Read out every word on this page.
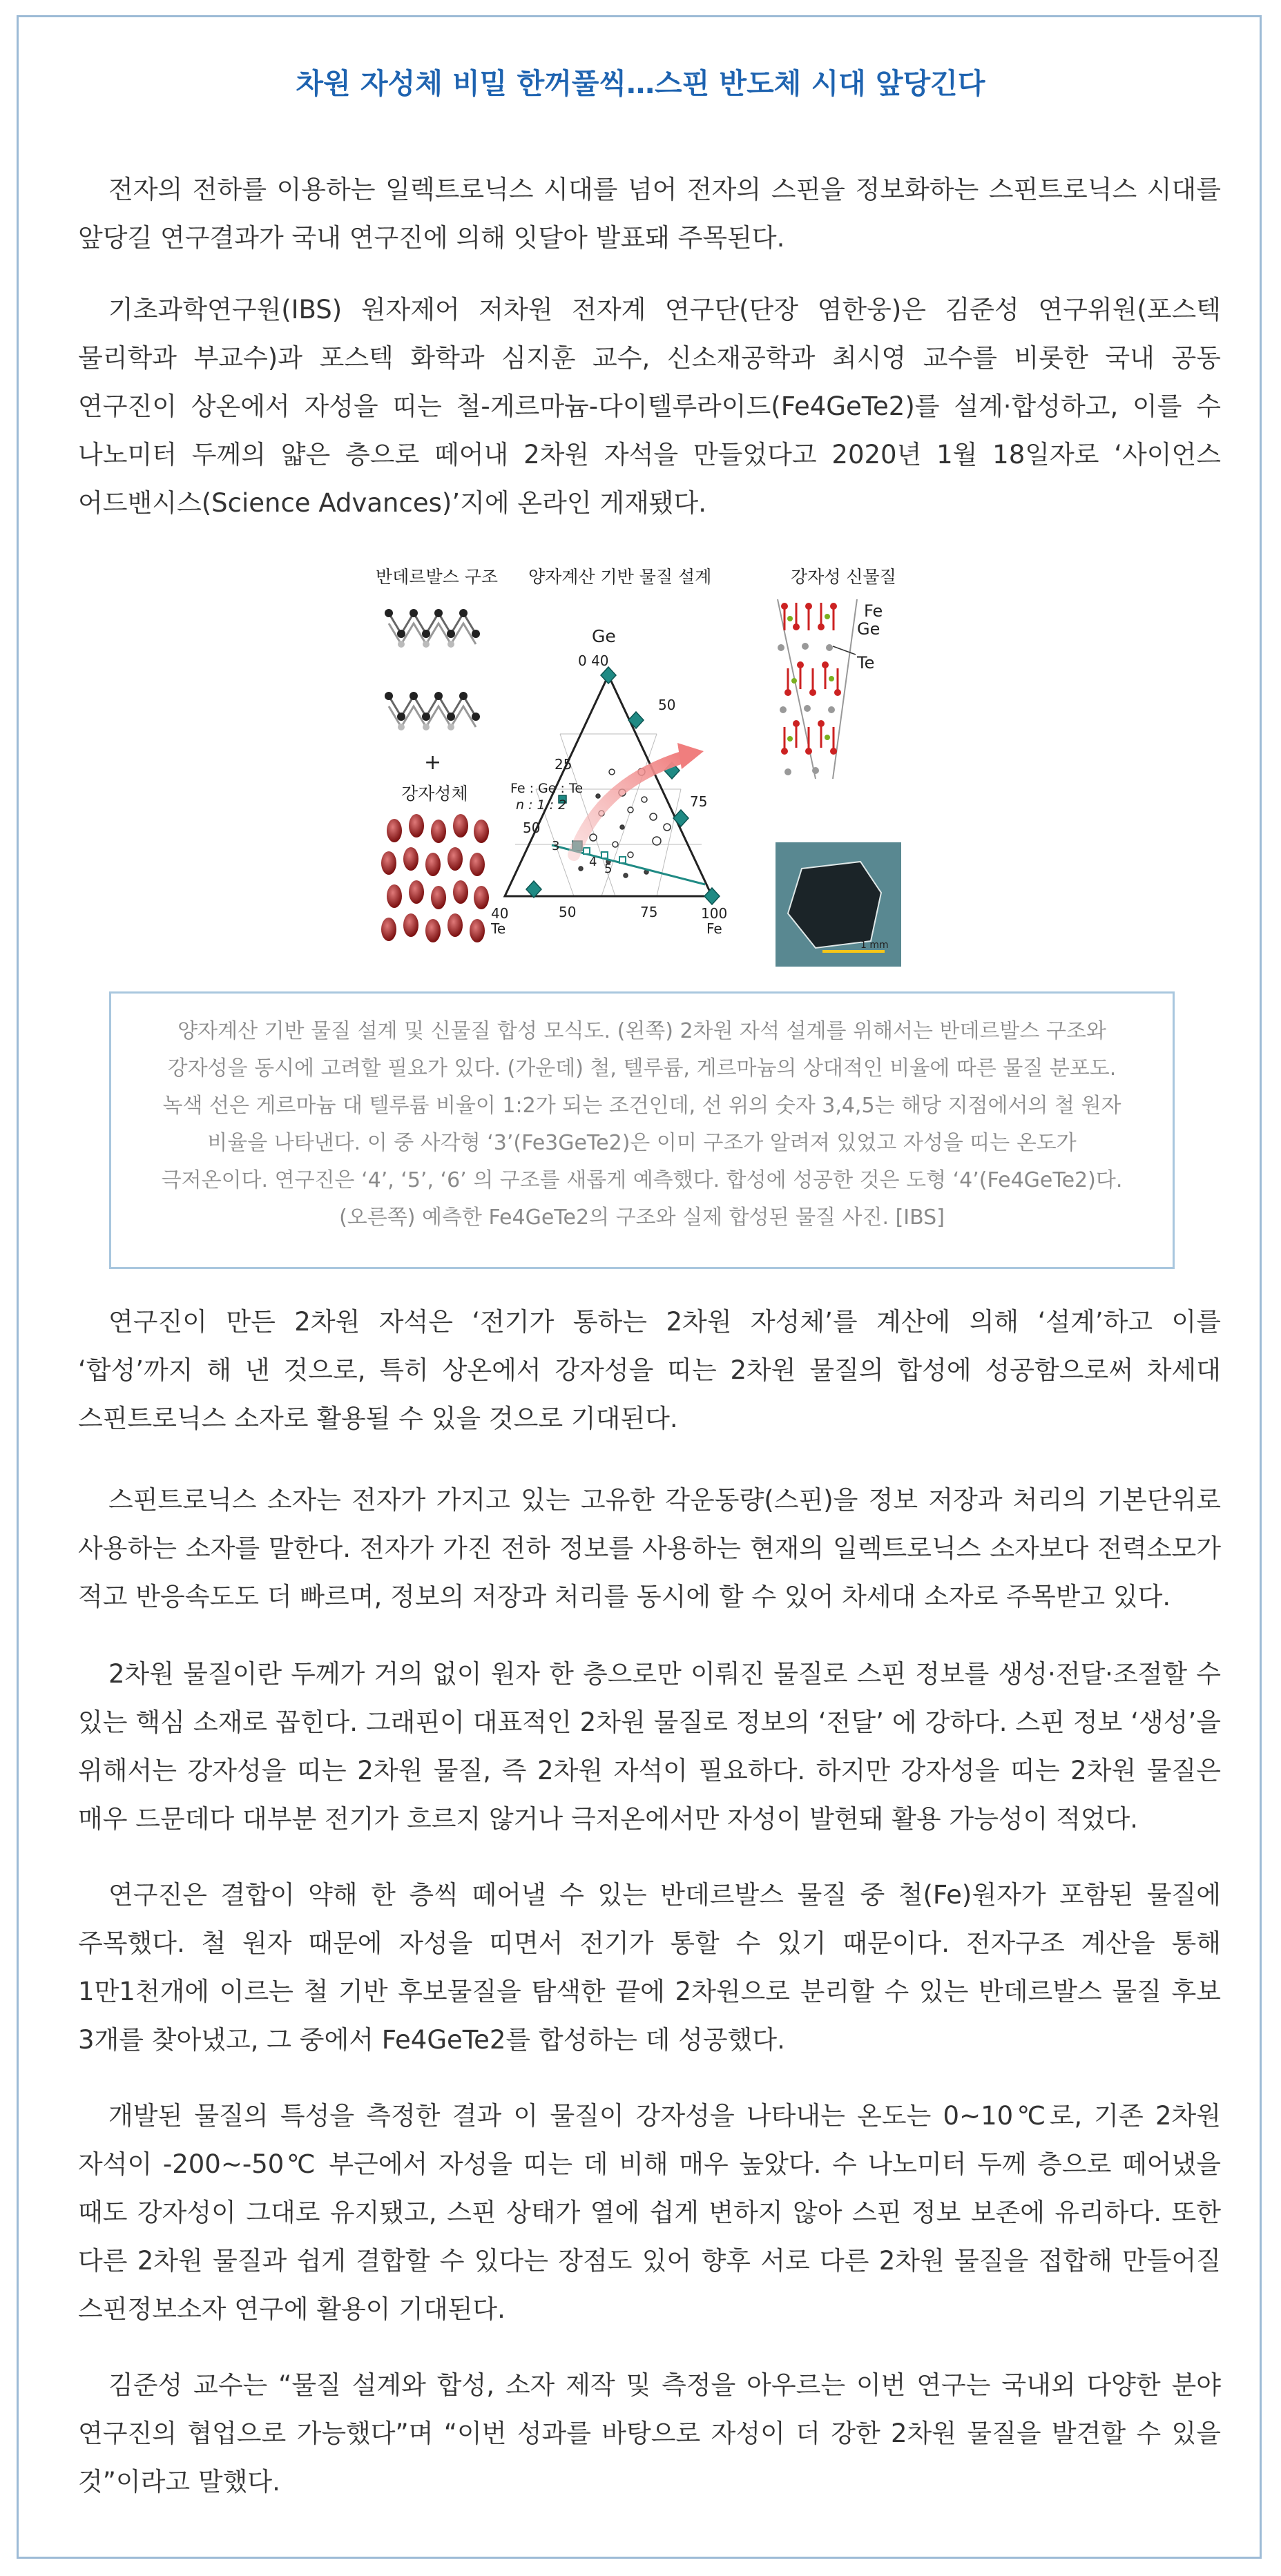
차원 자성체 비밀 한꺼풀씩…스핀 반도체 시대 앞당긴다

전자의 전하를 이용하는 일렉트로닉스 시대를 넘어 전자의 스핀을 정보화하는 스핀트로닉스 시대를 앞당길 연구결과가 국내 연구진에 의해 잇달아 발표돼 주목된다.

기초과학연구원(IBS) 원자제어 저차원 전자계 연구단(단장 염한웅)은 김준성 연구위원(포스텍 물리학과 부교수)과 포스텍 화학과 심지훈 교수, 신소재공학과 최시영 교수를 비롯한 국내 공동 연구진이 상온에서 자성을 띠는 철-게르마늄-다이텔루라이드(Fe4GeTe2)를 설계·합성하고, 이를 수 나노미터 두께의 얇은 층으로 떼어내 2차원 자석을 만들었다고 2020년 1월 18일자로 ‘사이언스 어드밴시스(Science Advances)’지에 온라인 게재됐다.

반데르발스 구조
+
강자성체
양자계산 기반 물질 설계
Ge
0 40
Fe : Ge : Te
n : 1 : 2
25
50
50
75
50	75
3
4 5
40
Te
100
Fe
강자성 신물질
Fe
Ge
Te
1 mm

양자계산 기반 물질 설계 및 신물질 합성 모식도. (왼쪽) 2차원 자석 설계를 위해서는 반데르발스 구조와

강자성을 동시에 고려할 필요가 있다. (가운데) 철, 텔루륨, 게르마늄의 상대적인 비율에 따른 물질 분포도.

녹색 선은 게르마늄 대 텔루륨 비율이 1:2가 되는 조건인데, 선 위의 숫자 3,4,5는 해당 지점에서의 철 원자

비율을 나타낸다. 이 중 사각형 ‘3’(Fe3GeTe2)은 이미 구조가 알려져 있었고 자성을 띠는 온도가

극저온이다. 연구진은 ‘4’, ‘5’, ‘6’ 의 구조를 새롭게 예측했다. 합성에 성공한 것은 도형 ‘4’(Fe4GeTe2)다.

(오른쪽) 예측한 Fe4GeTe2의 구조와 실제 합성된 물질 사진. [IBS]

연구진이 만든 2차원 자석은 ‘전기가 통하는 2차원 자성체’를 계산에 의해 ‘설계’하고 이를 ‘합성’까지 해 낸 것으로, 특히 상온에서 강자성을 띠는 2차원 물질의 합성에 성공함으로써 차세대 스핀트로닉스 소자로 활용될 수 있을 것으로 기대된다.

스핀트로닉스 소자는 전자가 가지고 있는 고유한 각운동량(스핀)을 정보 저장과 처리의 기본단위로 사용하는 소자를 말한다. 전자가 가진 전하 정보를 사용하는 현재의 일렉트로닉스 소자보다 전력소모가 적고 반응속도도 더 빠르며, 정보의 저장과 처리를 동시에 할 수 있어 차세대 소자로 주목받고 있다.

2차원 물질이란 두께가 거의 없이 원자 한 층으로만 이뤄진 물질로 스핀 정보를 생성·전달·조절할 수 있는 핵심 소재로 꼽힌다. 그래핀이 대표적인 2차원 물질로 정보의 ‘전달’ 에 강하다. 스핀 정보 ‘생성’을 위해서는 강자성을 띠는 2차원 물질, 즉 2차원 자석이 필요하다. 하지만 강자성을 띠는 2차원 물질은 매우 드문데다 대부분 전기가 흐르지 않거나 극저온에서만 자성이 발현돼 활용 가능성이 적었다.

연구진은 결합이 약해 한 층씩 떼어낼 수 있는 반데르발스 물질 중 철(Fe)원자가 포함된 물질에 주목했다. 철 원자 때문에 자성을 띠면서 전기가 통할 수 있기 때문이다. 전자구조 계산을 통해 1만1천개에 이르는 철 기반 후보물질을 탐색한 끝에 2차원으로 분리할 수 있는 반데르발스 물질 후보 3개를 찾아냈고, 그 중에서 Fe4GeTe2를 합성하는 데 성공했다.

개발된 물질의 특성을 측정한 결과 이 물질이 강자성을 나타내는 온도는 0~10℃로, 기존 2차원 자석이 -200~-50℃ 부근에서 자성을 띠는 데 비해 매우 높았다. 수 나노미터 두께 층으로 떼어냈을 때도 강자성이 그대로 유지됐고, 스핀 상태가 열에 쉽게 변하지 않아 스핀 정보 보존에 유리하다. 또한 다른 2차원 물질과 쉽게 결합할 수 있다는 장점도 있어 향후 서로 다른 2차원 물질을 접합해 만들어질 스핀정보소자 연구에 활용이 기대된다.

김준성 교수는 “물질 설계와 합성, 소자 제작 및 측정을 아우르는 이번 연구는 국내외 다양한 분야 연구진의 협업으로 가능했다”며 “이번 성과를 바탕으로 자성이 더 강한 2차원 물질을 발견할 수 있을 것”이라고 말했다.
